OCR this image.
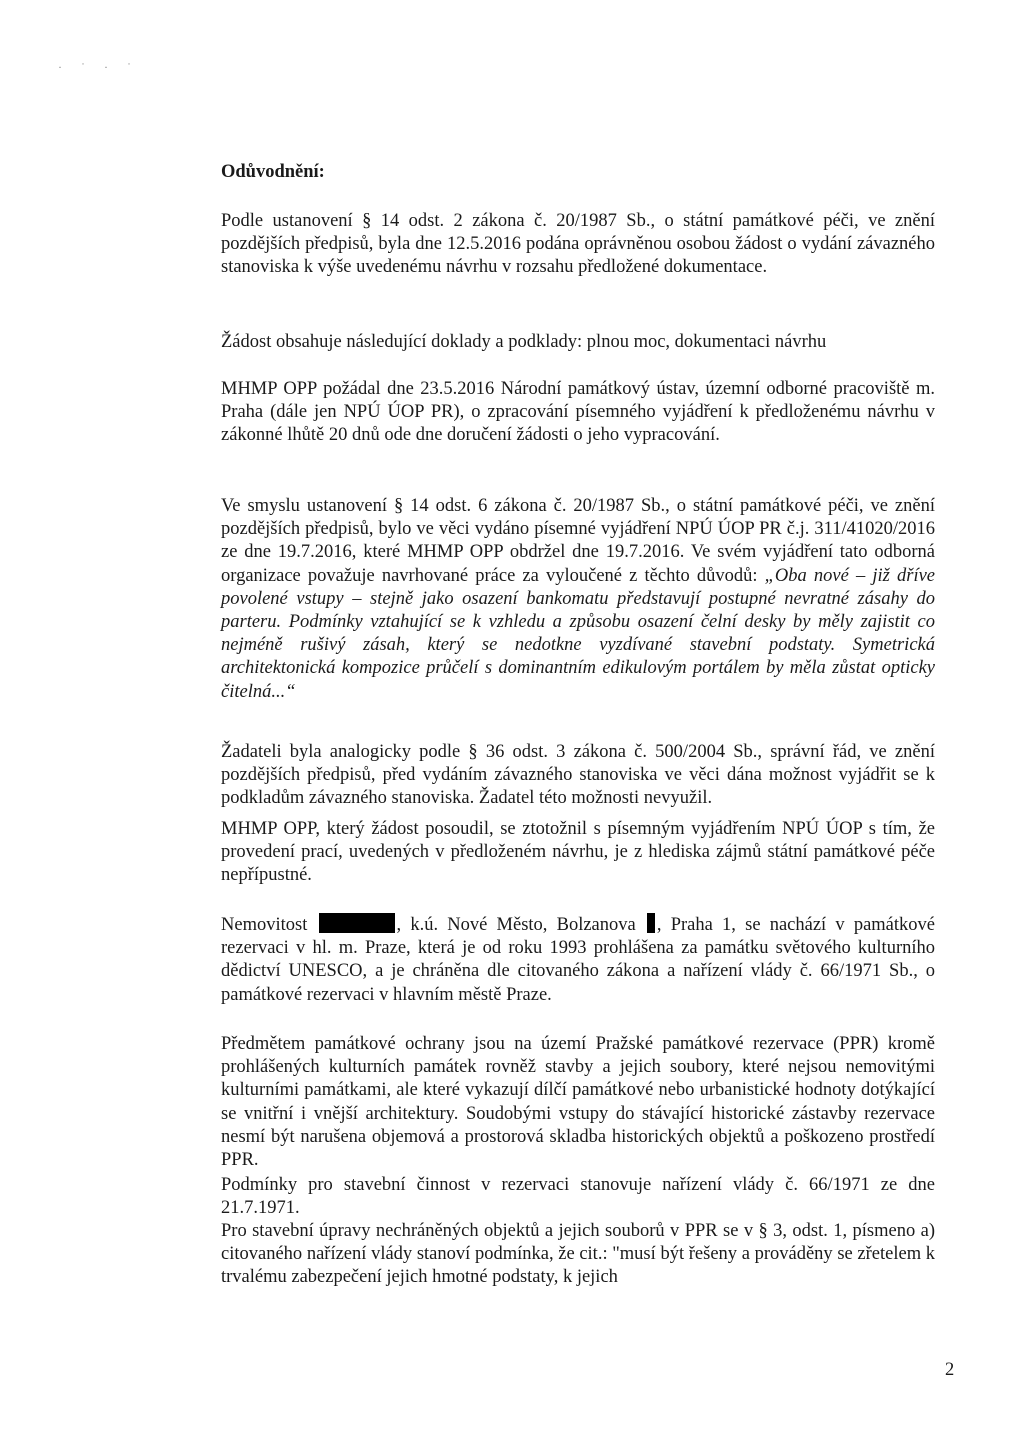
· ˙ · ˙
Odůvodnění:

Podle ustanovení § 14 odst. 2 zákona č. 20/1987 Sb., o státní památkové péči, ve znění pozdějších předpisů, byla dne 12.5.2016 podána oprávněnou osobou žádost o vydání závazného stanoviska k výše uvedenému návrhu v rozsahu předložené dokumentace.

Žádost obsahuje následující doklady a podklady: plnou moc, dokumentaci návrhu

MHMP OPP požádal dne 23.5.2016 Národní památkový ústav, územní odborné pracoviště m. Praha (dále jen NPÚ ÚOP PR), o zpracování písemného vyjádření k předloženému návrhu v zákonné lhůtě 20 dnů ode dne doručení žádosti o jeho vypracování.

Ve smyslu ustanovení § 14 odst. 6 zákona č. 20/1987 Sb., o státní památkové péči, ve znění pozdějších předpisů, bylo ve věci vydáno písemné vyjádření NPÚ ÚOP PR č.j. 311/41020/2016 ze dne 19.7.2016, které MHMP OPP obdržel dne 19.7.2016. Ve svém vyjádření tato odborná organizace považuje navrhované práce za vyloučené z těchto důvodů: „Oba nové – již dříve povolené vstupy – stejně jako osazení bankomatu představují postupné nevratné zásahy do parteru. Podmínky vztahující se k vzhledu a způsobu osazení čelní desky by měly zajistit co nejméně rušivý zásah, který se nedotkne vyzdívané stavební podstaty. Symetrická architektonická kompozice průčelí s dominantním edikulovým portálem by měla zůstat opticky čitelná...“

Žadateli byla analogicky podle § 36 odst. 3 zákona č. 500/2004 Sb., správní řád, ve znění pozdějších předpisů, před vydáním závazného stanoviska ve věci dána možnost vyjádřit se k podkladům závazného stanoviska. Žadatel této možnosti nevyužil.

MHMP OPP, který žádost posoudil, se ztotožnil s písemným vyjádřením NPÚ ÚOP s tím, že provedení prací, uvedených v předloženém návrhu, je z hlediska zájmů státní památkové péče nepřípustné.

Nemovitost	, k.ú. Nové Město, Bolzanova , Praha 1, se nachází v památkové rezervaci v hl. m. Praze, která je od roku 1993 prohlášena za památku světového kulturního dědictví UNESCO, a je chráněna dle citovaného zákona a nařízení vlády č. 66/1971 Sb., o památkové rezervaci v hlavním městě Praze.

Předmětem památkové ochrany jsou na území Pražské památkové rezervace (PPR) kromě prohlášených kulturních památek rovněž stavby a jejich soubory, které nejsou nemovitými kulturními památkami, ale které vykazují dílčí památkové nebo urbanistické hodnoty dotýkající se vnitřní i vnější architektury. Soudobými vstupy do stávající historické zástavby rezervace nesmí být narušena objemová a prostorová skladba historických objektů a poškozeno prostředí PPR.

Podmínky pro stavební činnost v rezervaci stanovuje nařízení vlády č. 66/1971 ze dne 21.7.1971.

Pro stavební úpravy nechráněných objektů a jejich souborů v PPR se v § 3, odst. 1, písmeno a) citovaného nařízení vlády stanoví podmínka, že cit.: "musí být řešeny a prováděny se zřetelem k trvalému zabezpečení jejich hmotné podstaty, k jejich

2
